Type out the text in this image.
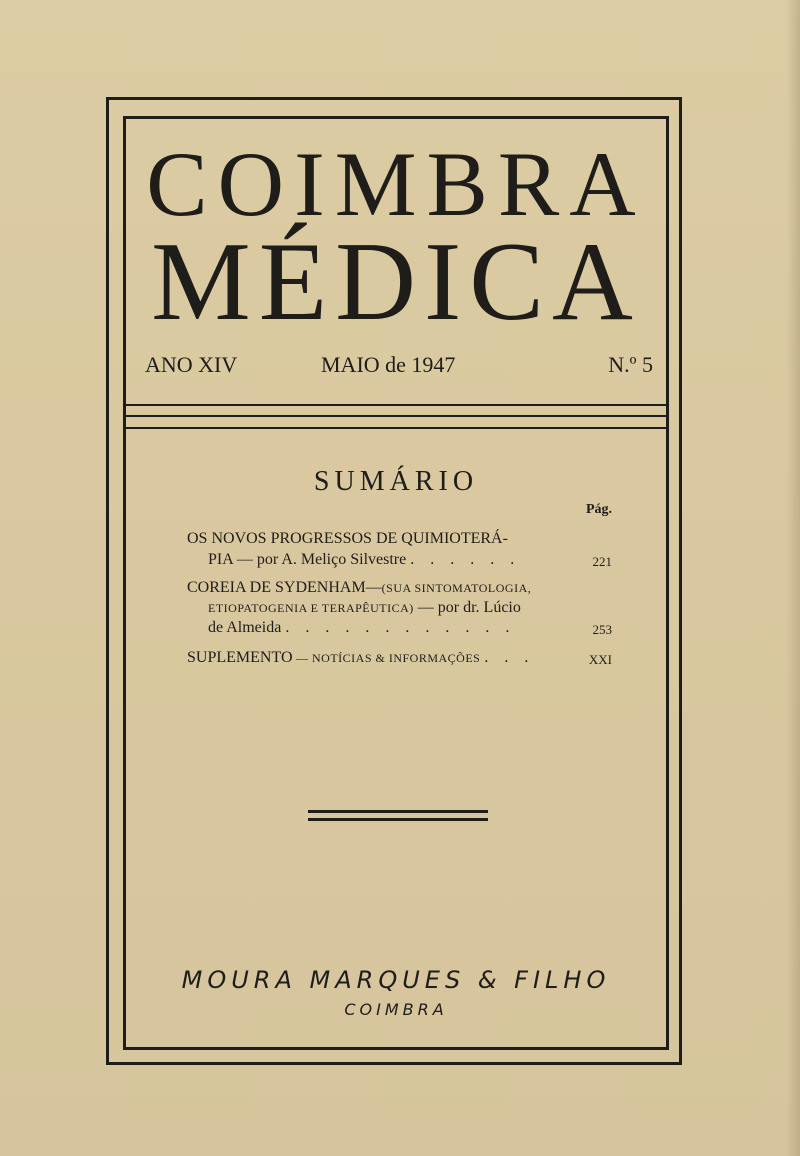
COIMBRA
MÉDICA
ANO XIV	MAIO de 1947	N.º 5
SUMÁRIO
Pág.
OS NOVOS PROGRESSOS DE QUIMIOTERÁ-
PIA — por A. Meliço Silvestre . . . . . .	221
COREIA DE SYDENHAM—(SUA SINTOMATOLOGIA,
ETIOPATOGENIA E TERAPÊUTICA) — por dr. Lúcio
de Almeida . . . . . . . . . . . .	253
SUPLEMENTO — NOTÍCIAS & INFORMAÇÕES . . .	XXI
MOURA MARQUES & FILHO
COIMBRA
